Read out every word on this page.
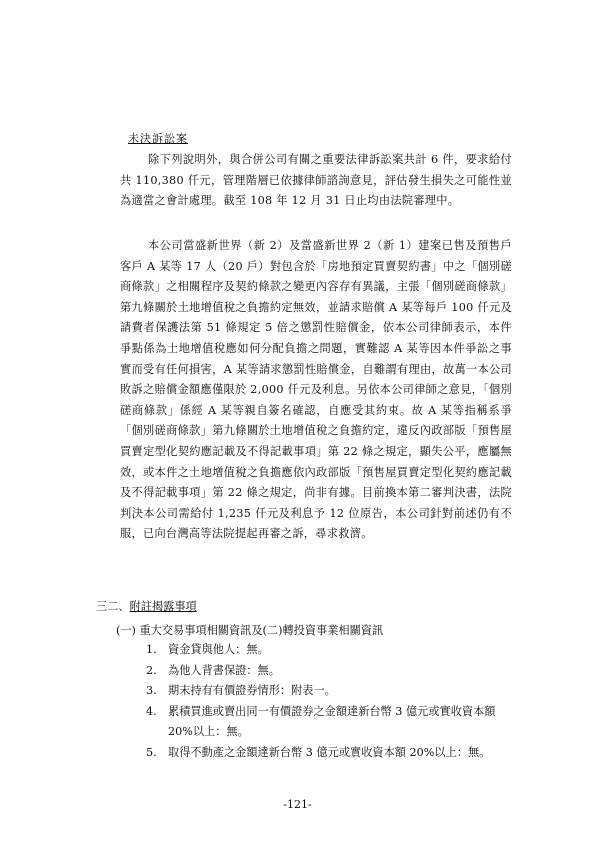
未決訴訟案

除下列說明外，與合併公司有關之重要法律訴訟案共計 6 件，要求給付共 110,380 仟元，管理階層已依據律師諮詢意見，評估發生損失之可能性並為適當之會計處理。截至 108 年 12 月 31 日止均由法院審理中。

本公司當盛新世界（新 2）及當盛新世界 2（新 1）建案已售及預售戶客戶 A 某等 17 人（20 戶）對包含於「房地預定買賣契約書」中之「個別磋商條款」之相關程序及契約條款之變更內容存有異議，主張「個別磋商條款」第九條關於土地增值稅之負擔約定無效，並請求賠償 A 某等每戶 100 仟元及請費者保護法第 51 條規定 5 倍之懲罰性賠償金，依本公司律師表示，本件爭點係為土地增值稅應如何分配負擔之問題，實難認 A 某等因本件爭訟之事實而受有任何損害，A 某等請求懲罰性賠償金，自難謂有理由，故萬一本公司敗訴之賠償金額應僅限於 2,000 仟元及利息。另依本公司律師之意見，「個別磋商條款」係經 A 某等親自簽名確認，自應受其約束。故 A 某等指稱系爭「個別磋商條款」第九條關於土地增值稅之負擔約定，違反內政部版「預售屋買賣定型化契約應記載及不得記載事項」第 22 條之規定，顯失公平，應屬無效，或本件之土地增值稅之負擔應依內政部版「預售屋買賣定型化契約應記載及不得記載事項」第 22 條之規定，尚非有據。目前換本第二審判決書，法院判決本公司需給付 1,235 仟元及利息予 12 位原告，本公司針對前述仍有不服，已向台灣高等法院提起再審之訴，尋求救濟。

三二、附註揭露事項
(一) 重大交易事項相關資訊及(二)轉投資事業相關資訊
1.	資金貸與他人：無。
2.	為他人背書保證：無。
3.	期末持有有價證券情形：附表一。
4.	累積買進或賣出同一有價證券之金額達新台幣 3 億元或實收資本額 20%以上：無。
5.	取得不動產之金額達新台幣 3 億元或實收資本額 20%以上：無。
-121-
